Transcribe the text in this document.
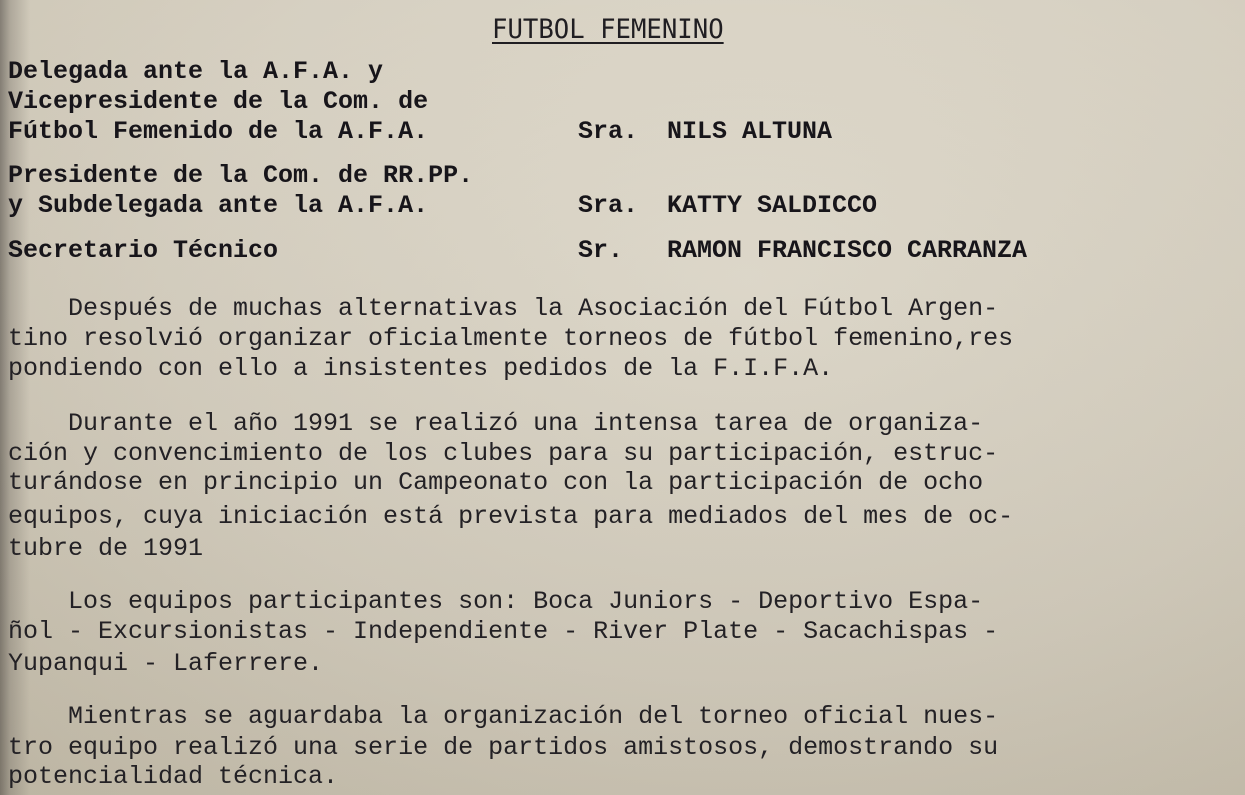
FUTBOL FEMENINO
Delegada ante la A.F.A. y
Vicepresidente de la Com. de
Fútbol Femenido de la A.F.A.	Sra. NILS ALTUNA
Presidente de la Com. de RR.PP.
y Subdelegada ante la A.F.A.	Sra. KATTY SALDICCO
Secretario Técnico	Sr. RAMON FRANCISCO CARRANZA
Después de muchas alternativas la Asociación del Fútbol Argen-
tino resolvió organizar oficialmente torneos de fútbol femenino,res
pondiendo con ello a insistentes pedidos de la F.I.F.A.
Durante el año 1991 se realizó una intensa tarea de organiza-
ción y convencimiento de los clubes para su participación, estruc-
turándose en principio un Campeonato con la participación de ocho
equipos, cuya iniciación está prevista para mediados del mes de oc-
tubre de 1991
Los equipos participantes son: Boca Juniors - Deportivo Espa-
ñol - Excursionistas - Independiente - River Plate - Sacachispas -
Yupanqui - Laferrere.
Mientras se aguardaba la organización del torneo oficial nues-
tro equipo realizó una serie de partidos amistosos, demostrando su
potencialidad técnica.
